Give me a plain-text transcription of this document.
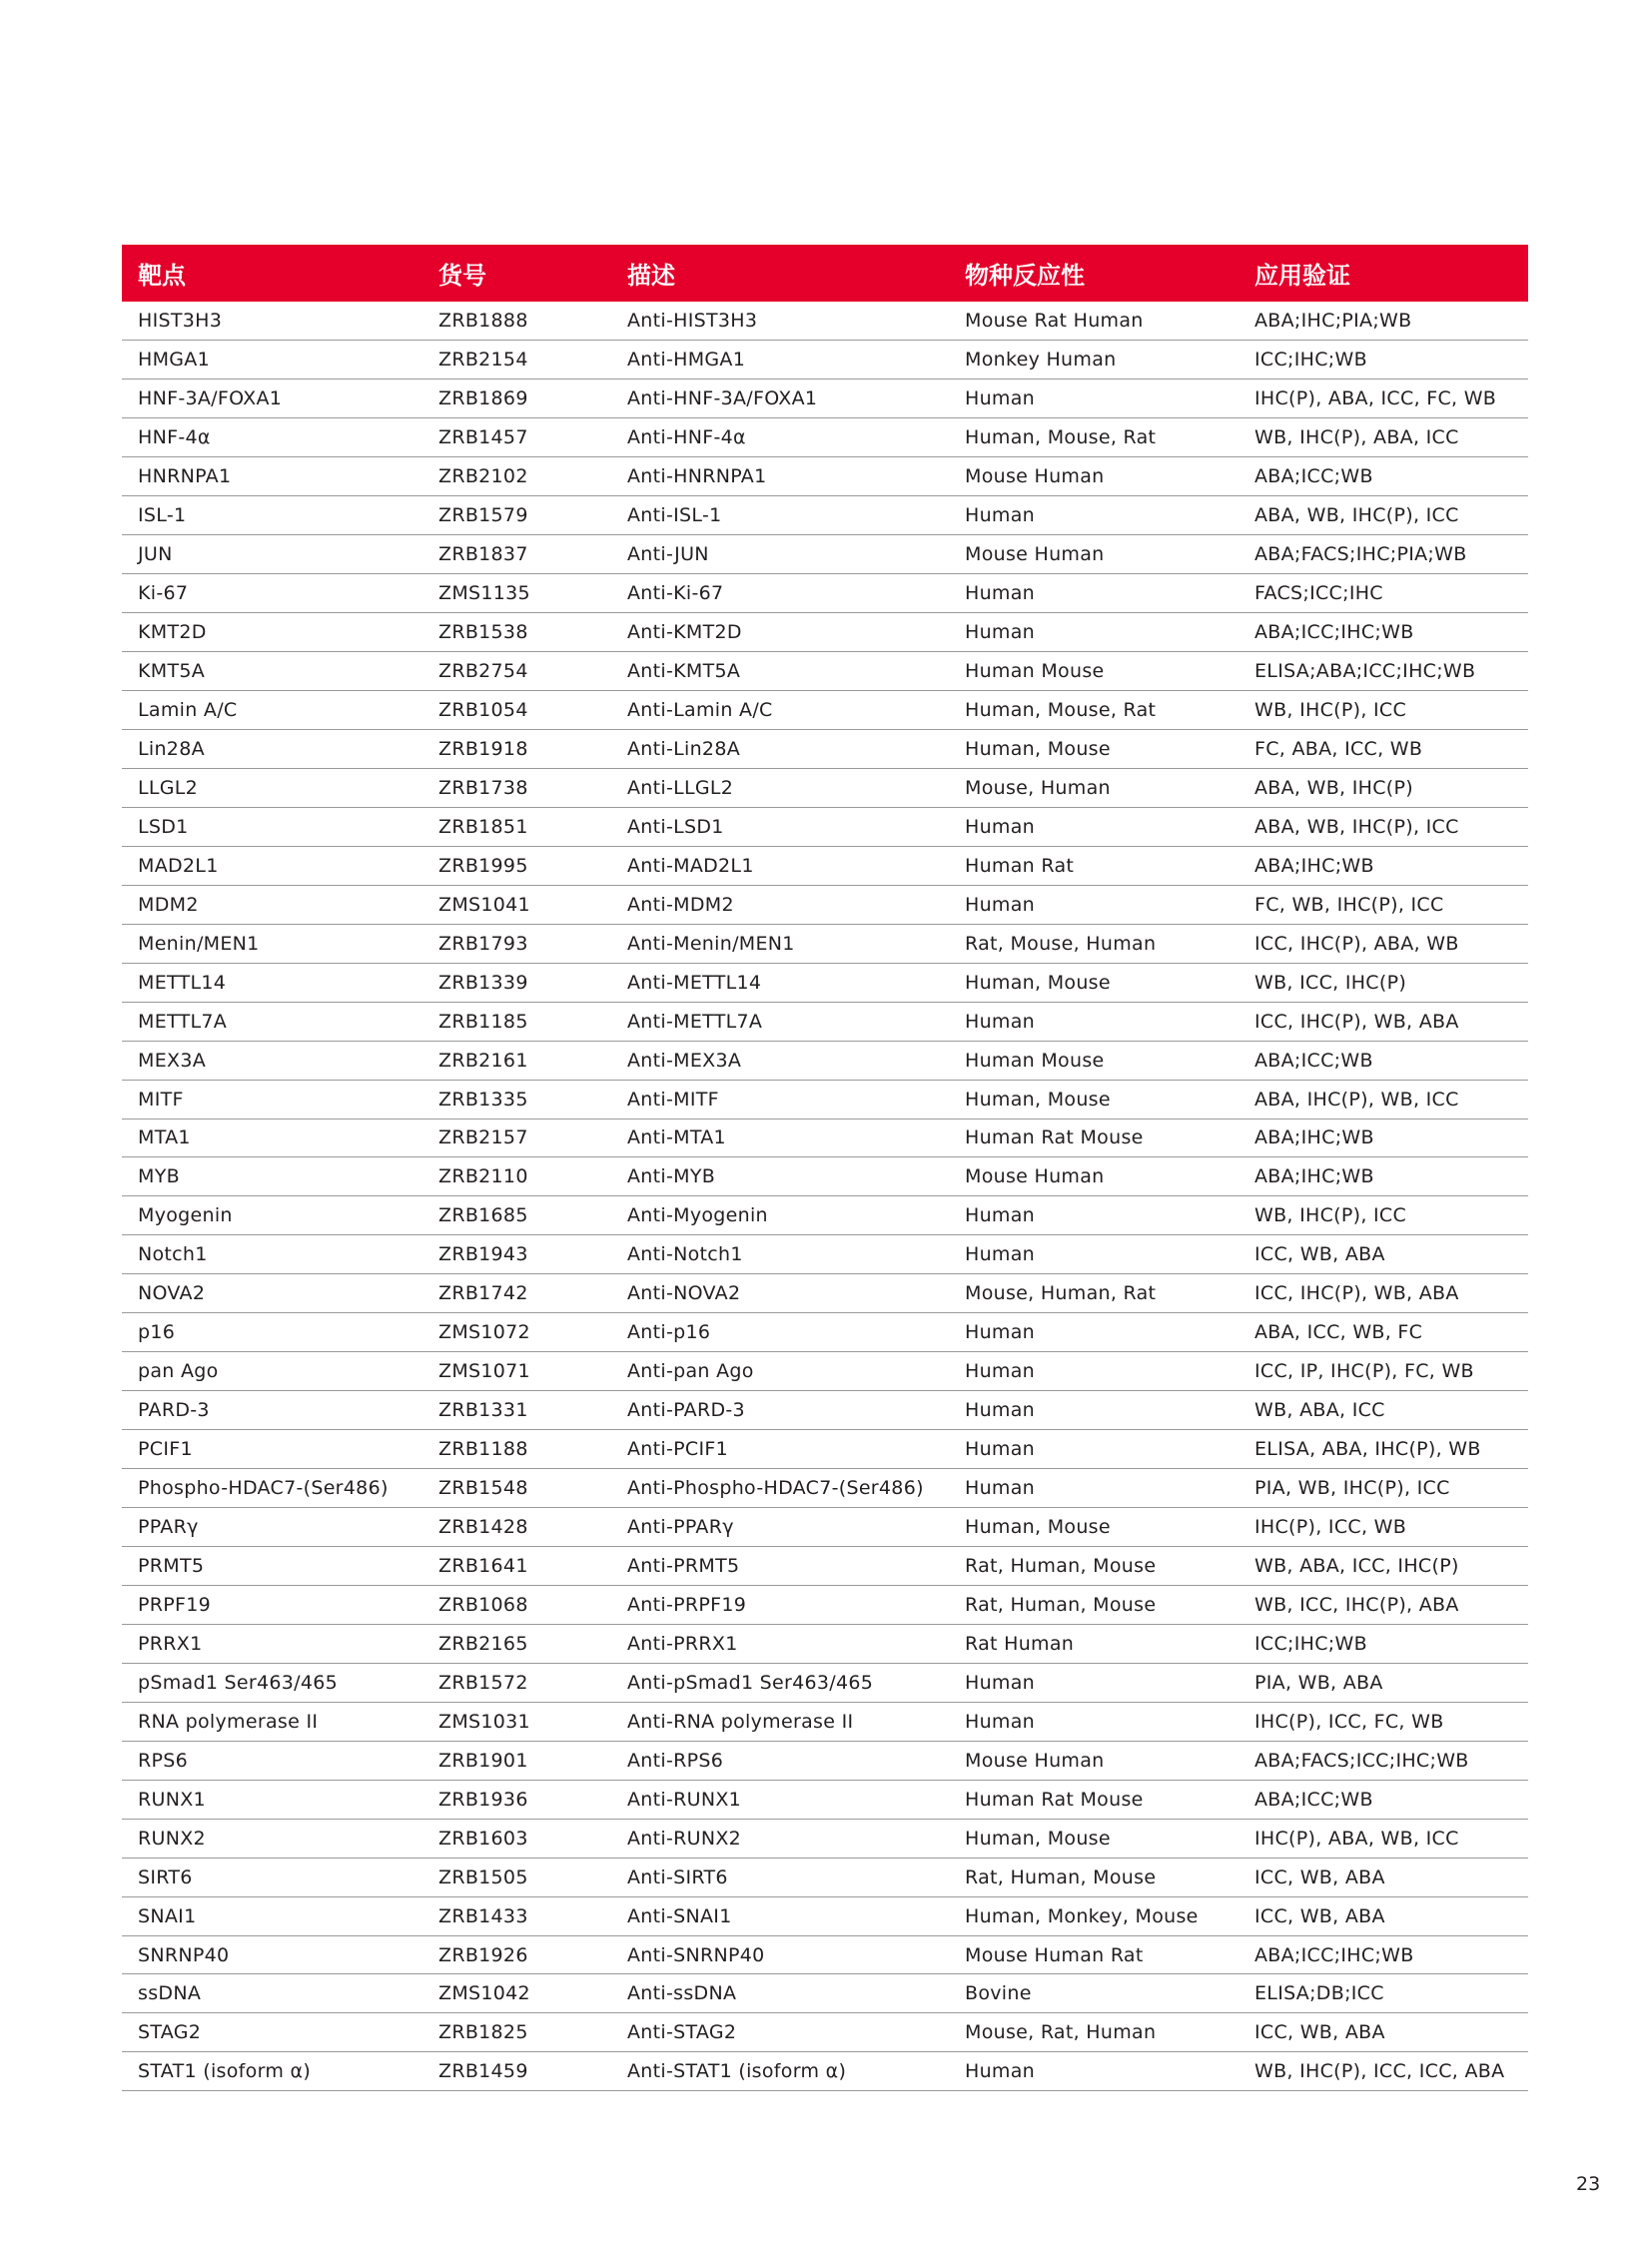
靶点	货号	描述	物种反应性	应用验证
HIST3H3	ZRB1888	Anti-HIST3H3	Mouse Rat Human	ABA;IHC;PIA;WB
HMGA1	ZRB2154	Anti-HMGA1	Monkey Human	ICC;IHC;WB
HNF-3A/FOXA1	ZRB1869	Anti-HNF-3A/FOXA1	Human	IHC(P), ABA, ICC, FC, WB
HNF-4α	ZRB1457	Anti-HNF-4α	Human, Mouse, Rat	WB, IHC(P), ABA, ICC
HNRNPA1	ZRB2102	Anti-HNRNPA1	Mouse Human	ABA;ICC;WB
ISL-1	ZRB1579	Anti-ISL-1	Human	ABA, WB, IHC(P), ICC
JUN	ZRB1837	Anti-JUN	Mouse Human	ABA;FACS;IHC;PIA;WB
Ki-67	ZMS1135	Anti-Ki-67	Human	FACS;ICC;IHC
KMT2D	ZRB1538	Anti-KMT2D	Human	ABA;ICC;IHC;WB
KMT5A	ZRB2754	Anti-KMT5A	Human Mouse	ELISA;ABA;ICC;IHC;WB
Lamin A/C	ZRB1054	Anti-Lamin A/C	Human, Mouse, Rat	WB, IHC(P), ICC
Lin28A	ZRB1918	Anti-Lin28A	Human, Mouse	FC, ABA, ICC, WB
LLGL2	ZRB1738	Anti-LLGL2	Mouse, Human	ABA, WB, IHC(P)
LSD1	ZRB1851	Anti-LSD1	Human	ABA, WB, IHC(P), ICC
MAD2L1	ZRB1995	Anti-MAD2L1	Human Rat	ABA;IHC;WB
MDM2	ZMS1041	Anti-MDM2	Human	FC, WB, IHC(P), ICC
Menin/MEN1	ZRB1793	Anti-Menin/MEN1	Rat, Mouse, Human	ICC, IHC(P), ABA, WB
METTL14	ZRB1339	Anti-METTL14	Human, Mouse	WB, ICC, IHC(P)
METTL7A	ZRB1185	Anti-METTL7A	Human	ICC, IHC(P), WB, ABA
MEX3A	ZRB2161	Anti-MEX3A	Human Mouse	ABA;ICC;WB
MITF	ZRB1335	Anti-MITF	Human, Mouse	ABA, IHC(P), WB, ICC
MTA1	ZRB2157	Anti-MTA1	Human Rat Mouse	ABA;IHC;WB
MYB	ZRB2110	Anti-MYB	Mouse Human	ABA;IHC;WB
Myogenin	ZRB1685	Anti-Myogenin	Human	WB, IHC(P), ICC
Notch1	ZRB1943	Anti-Notch1	Human	ICC, WB, ABA
NOVA2	ZRB1742	Anti-NOVA2	Mouse, Human, Rat	ICC, IHC(P), WB, ABA
p16	ZMS1072	Anti-p16	Human	ABA, ICC, WB, FC
pan Ago	ZMS1071	Anti-pan Ago	Human	ICC, IP, IHC(P), FC, WB
PARD-3	ZRB1331	Anti-PARD-3	Human	WB, ABA, ICC
PCIF1	ZRB1188	Anti-PCIF1	Human	ELISA, ABA, IHC(P), WB
Phospho-HDAC7-(Ser486)	ZRB1548	Anti-Phospho-HDAC7-(Ser486)	Human	PIA, WB, IHC(P), ICC
PPARγ	ZRB1428	Anti-PPARγ	Human, Mouse	IHC(P), ICC, WB
PRMT5	ZRB1641	Anti-PRMT5	Rat, Human, Mouse	WB, ABA, ICC, IHC(P)
PRPF19	ZRB1068	Anti-PRPF19	Rat, Human, Mouse	WB, ICC, IHC(P), ABA
PRRX1	ZRB2165	Anti-PRRX1	Rat Human	ICC;IHC;WB
pSmad1 Ser463/465	ZRB1572	Anti-pSmad1 Ser463/465	Human	PIA, WB, ABA
RNA polymerase II	ZMS1031	Anti-RNA polymerase II	Human	IHC(P), ICC, FC, WB
RPS6	ZRB1901	Anti-RPS6	Mouse Human	ABA;FACS;ICC;IHC;WB
RUNX1	ZRB1936	Anti-RUNX1	Human Rat Mouse	ABA;ICC;WB
RUNX2	ZRB1603	Anti-RUNX2	Human, Mouse	IHC(P), ABA, WB, ICC
SIRT6	ZRB1505	Anti-SIRT6	Rat, Human, Mouse	ICC, WB, ABA
SNAI1	ZRB1433	Anti-SNAI1	Human, Monkey, Mouse	ICC, WB, ABA
SNRNP40	ZRB1926	Anti-SNRNP40	Mouse Human Rat	ABA;ICC;IHC;WB
ssDNA	ZMS1042	Anti-ssDNA	Bovine	ELISA;DB;ICC
STAG2	ZRB1825	Anti-STAG2	Mouse, Rat, Human	ICC, WB, ABA
STAT1 (isoform α)	ZRB1459	Anti-STAT1 (isoform α)	Human	WB, IHC(P), ICC, ICC, ABA
23
